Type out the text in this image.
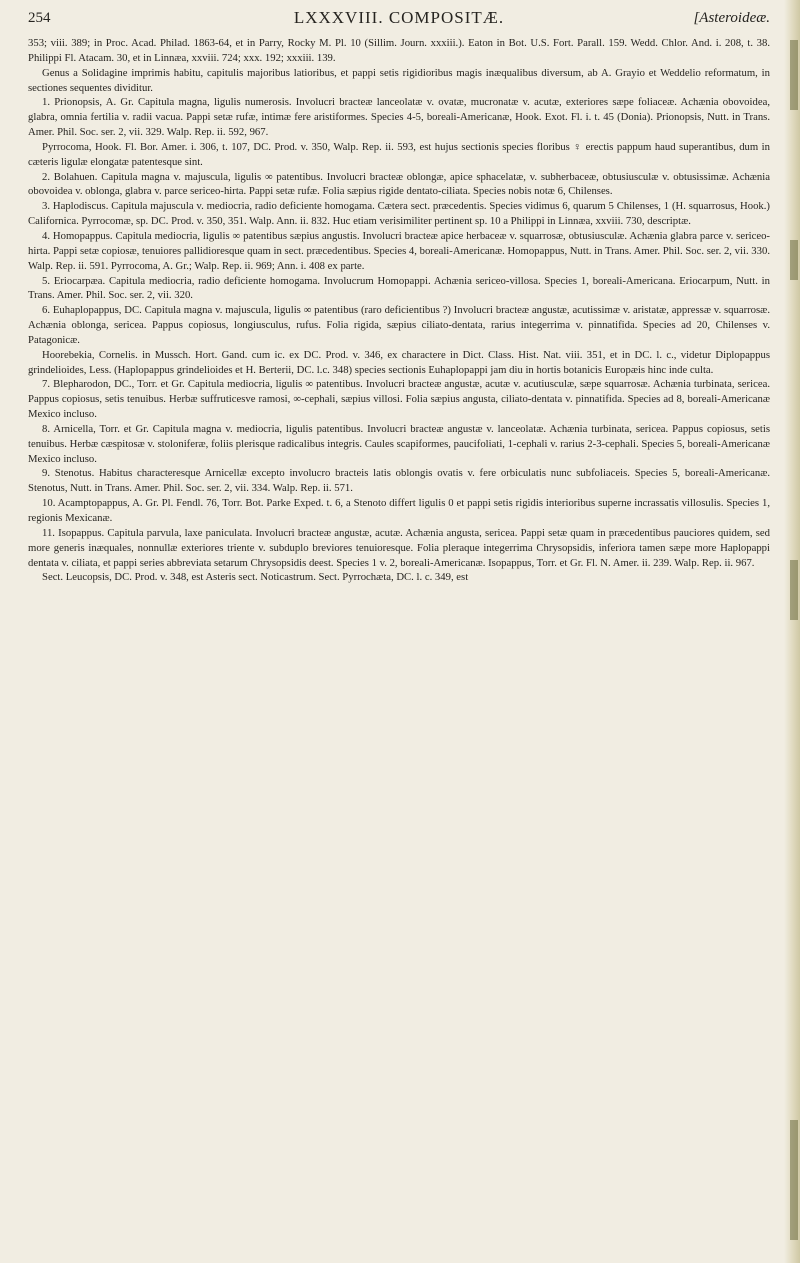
254	LXXXVIII. COMPOSITÆ.	[Asteroideæ.

353; viii. 389; in Proc. Acad. Philad. 1863-64, et in Parry, Rocky M. Pl. 10 (Sillim. Journ. xxxiii.). Eaton in Bot. U.S. Fort. Parall. 159. Wedd. Chlor. And. i. 208, t. 38. Philippi Fl. Atacam. 30, et in Linnæa, xxviii. 724; xxx. 192; xxxiii. 139.

Genus a Solidagine imprimis habitu, capitulis majoribus latioribus, et pappi setis rigidioribus magis inæqualibus diversum, ab A. Grayio et Weddelio reformatum, in sectiones sequentes dividitur.

1. Prionopsis, A. Gr. Capitula magna, ligulis numerosis. Involucri bracteæ lanceolatæ v. ovatæ, mucronatæ v. acutæ, exteriores sæpe foliaceæ. Achænia obovoidea, glabra, omnia fertilia v. radii vacua. Pappi setæ rufæ, intimæ fere aristiformes. Species 4-5, boreali-Americanæ, Hook. Exot. Fl. i. t. 45 (Donia). Prionopsis, Nutt. in Trans. Amer. Phil. Soc. ser. 2, vii. 329. Walp. Rep. ii. 592, 967.

Pyrrocoma, Hook. Fl. Bor. Amer. i. 306, t. 107, DC. Prod. v. 350, Walp. Rep. ii. 593, est hujus sectionis species floribus ♀ erectis pappum haud superantibus, dum in cæteris ligulæ elongatæ patentesque sint.

2. Bolahuen. Capitula magna v. majuscula, ligulis ∞ patentibus. Involucri bracteæ oblongæ, apice sphacelatæ, v. subherbaceæ, obtusiusculæ v. obtusissimæ. Achænia obovoidea v. oblonga, glabra v. parce sericeo-hirta. Pappi setæ rufæ. Folia sæpius rigide dentato-ciliata. Species nobis notæ 6, Chilenses.

3. Haplodiscus. Capitula majuscula v. mediocria, radio deficiente homogama. Cætera sect. præcedentis. Species vidimus 6, quarum 5 Chilenses, 1 (H. squarrosus, Hook.) Californica. Pyrrocomæ, sp. DC. Prod. v. 350, 351. Walp. Ann. ii. 832. Huc etiam verisimiliter pertinent sp. 10 a Philippi in Linnæa, xxviii. 730, descriptæ.

4. Homopappus. Capitula mediocria, ligulis ∞ patentibus sæpius angustis. Involucri bracteæ apice herbaceæ v. squarrosæ, obtusiusculæ. Achænia glabra parce v. sericeo-hirta. Pappi setæ copiosæ, tenuiores pallidioresque quam in sect. præcedentibus. Species 4, boreali-Americanæ. Homopappus, Nutt. in Trans. Amer. Phil. Soc. ser. 2, vii. 330. Walp. Rep. ii. 591. Pyrrocoma, A. Gr.; Walp. Rep. ii. 969; Ann. i. 408 ex parte.

5. Eriocarpæa. Capitula mediocria, radio deficiente homogama. Involucrum Homopappi. Achænia sericeo-villosa. Species 1, boreali-Americana. Eriocarpum, Nutt. in Trans. Amer. Phil. Soc. ser. 2, vii. 320.

6. Euhaplopappus, DC. Capitula magna v. majuscula, ligulis ∞ patentibus (raro deficientibus ?) Involucri bracteæ angustæ, acutissimæ v. aristatæ, appressæ v. squarrosæ. Achænia oblonga, sericea. Pappus copiosus, longiusculus, rufus. Folia rigida, sæpius ciliato-dentata, rarius integerrima v. pinnatifida. Species ad 20, Chilenses v. Patagonicæ.

Hoorebekia, Cornelis. in Mussch. Hort. Gand. cum ic. ex DC. Prod. v. 346, ex charactere in Dict. Class. Hist. Nat. viii. 351, et in DC. l. c., videtur Diplopappus grindelioides, Less. (Haplopappus grindelioides et H. Berterii, DC. l.c. 348) species sectionis Euhaplopappi jam diu in hortis botanicis Europæis hinc inde culta.

7. Blepharodon, DC., Torr. et Gr. Capitula mediocria, ligulis ∞ patentibus. Involucri bracteæ angustæ, acutæ v. acutiusculæ, sæpe squarrosæ. Achænia turbinata, sericea. Pappus copiosus, setis tenuibus. Herbæ suffruticesve ramosi, ∞-cephali, sæpius villosi. Folia sæpius angusta, ciliato-dentata v. pinnatifida. Species ad 8, boreali-Americanæ Mexico incluso.

8. Arnicella, Torr. et Gr. Capitula magna v. mediocria, ligulis patentibus. Involucri bracteæ angustæ v. lanceolatæ. Achænia turbinata, sericea. Pappus copiosus, setis tenuibus. Herbæ cæspitosæ v. stoloniferæ, foliis plerisque radicalibus integris. Caules scapiformes, paucifoliati, 1-cephali v. rarius 2-3-cephali. Species 5, boreali-Americanæ Mexico incluso.

9. Stenotus. Habitus characteresque Arnicellæ excepto involucro bracteis latis oblongis ovatis v. fere orbiculatis nunc subfoliaceis. Species 5, boreali-Americanæ. Stenotus, Nutt. in Trans. Amer. Phil. Soc. ser. 2, vii. 334. Walp. Rep. ii. 571.

10. Acamptopappus, A. Gr. Pl. Fendl. 76, Torr. Bot. Parke Exped. t. 6, a Stenoto differt ligulis 0 et pappi setis rigidis interioribus superne incrassatis villosulis. Species 1, regionis Mexicanæ.

11. Isopappus. Capitula parvula, laxe paniculata. Involucri bracteæ angustæ, acutæ. Achænia angusta, sericea. Pappi setæ quam in præcedentibus pauciores quidem, sed more generis inæquales, nonnullæ exteriores triente v. subduplo breviores tenuioresque. Folia pleraque integerrima Chrysopsidis, inferiora tamen sæpe more Haplopappi dentata v. ciliata, et pappi series abbreviata setarum Chrysopsidis deest. Species 1 v. 2, boreali-Americanæ. Isopappus, Torr. et Gr. Fl. N. Amer. ii. 239. Walp. Rep. ii. 967.

Sect. Leucopsis, DC. Prod. v. 348, est Asteris sect. Noticastrum. Sect. Pyrrochæta, DC. l. c. 349, est
